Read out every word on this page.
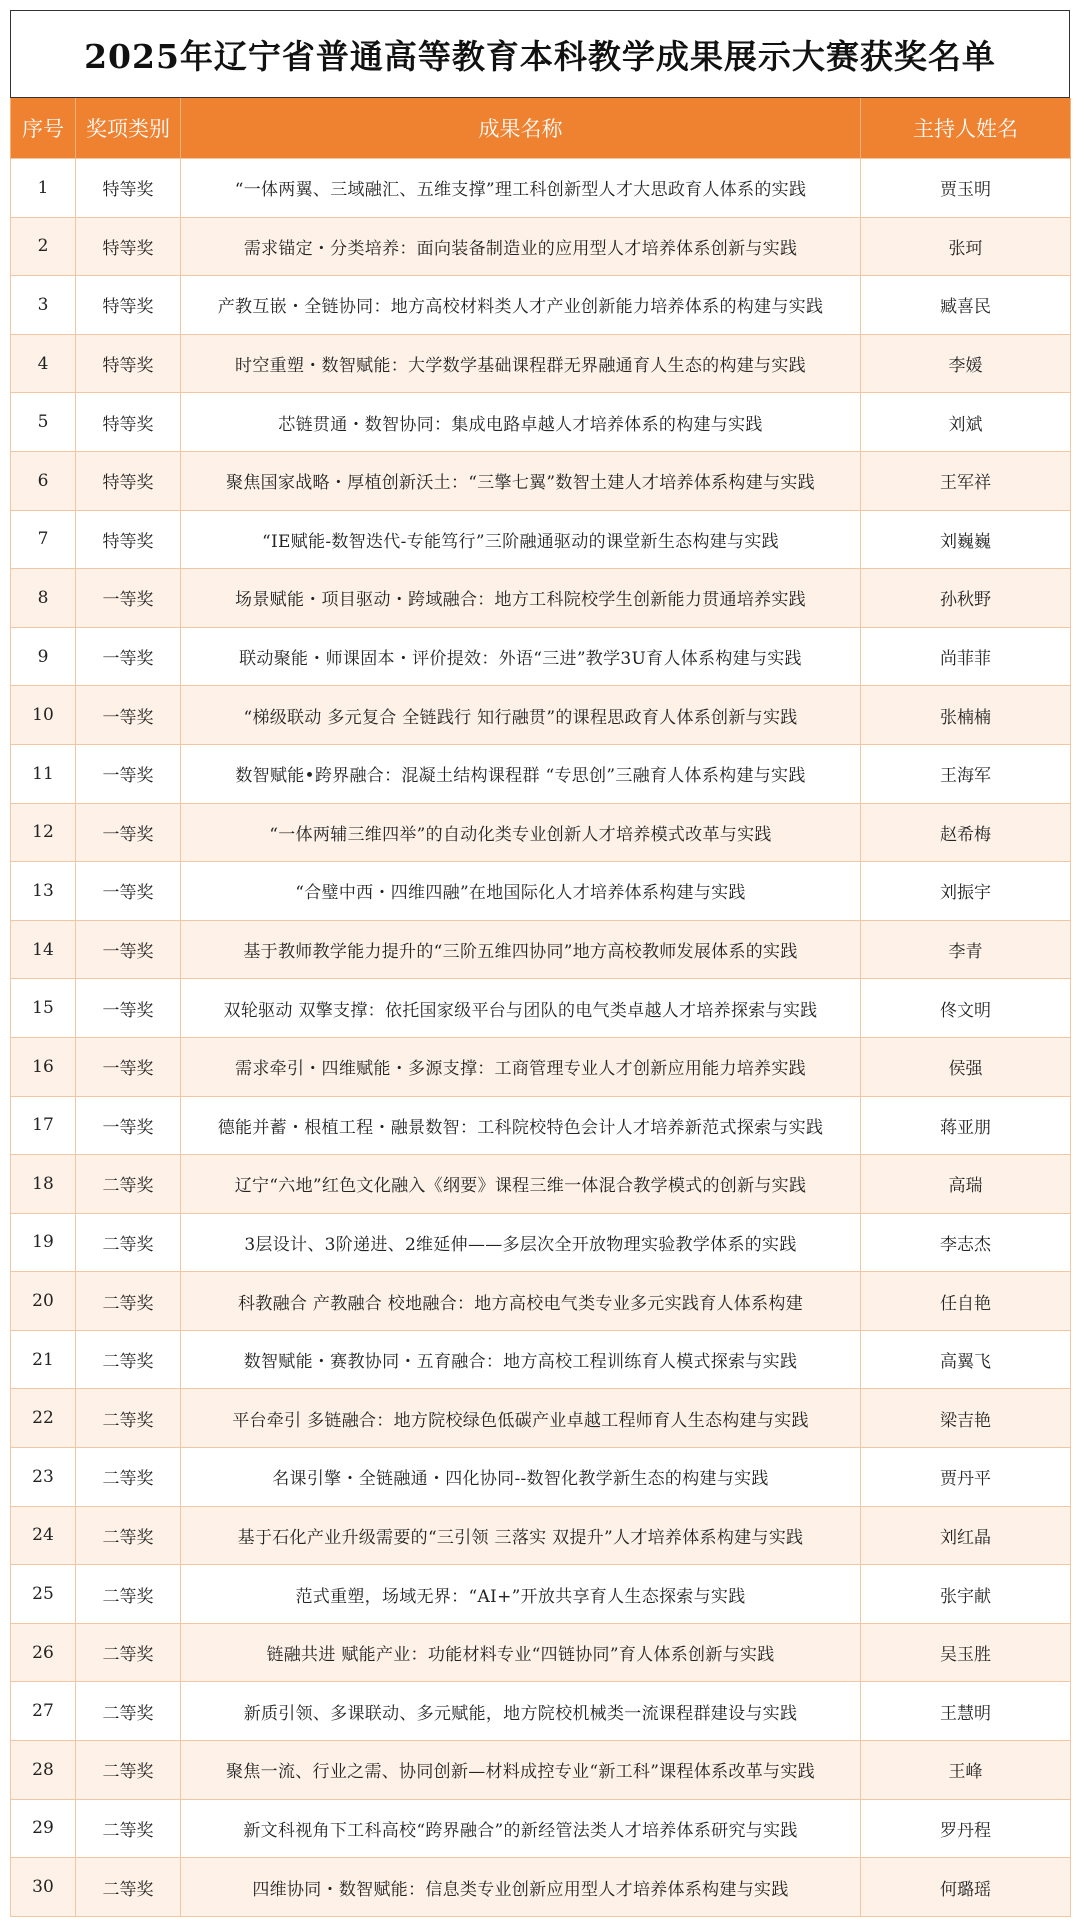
2025年辽宁省普通高等教育本科教学成果展示大赛获奖名单
序号	奖项类别	成果名称	主持人姓名
1	特等奖	“一体两翼、三域融汇、五维支撑”理工科创新型人才大思政育人体系的实践	贾玉明
2	特等奖	需求锚定・分类培养：面向装备制造业的应用型人才培养体系创新与实践	张珂
3	特等奖	产教互嵌・全链协同：地方高校材料类人才产业创新能力培养体系的构建与实践	臧喜民
4	特等奖	时空重塑・数智赋能：大学数学基础课程群无界融通育人生态的构建与实践	李媛
5	特等奖	芯链贯通・数智协同：集成电路卓越人才培养体系的构建与实践	刘斌
6	特等奖	聚焦国家战略・厚植创新沃土：“三擎七翼”数智土建人才培养体系构建与实践	王军祥
7	特等奖	“IE赋能-数智迭代-专能笃行”三阶融通驱动的课堂新生态构建与实践	刘巍巍
8	一等奖	场景赋能・项目驱动・跨域融合：地方工科院校学生创新能力贯通培养实践	孙秋野
9	一等奖	联动聚能・师课固本・评价提效：外语“三进”教学3U育人体系构建与实践	尚菲菲
10	一等奖	“梯级联动 多元复合 全链践行 知行融贯”的课程思政育人体系创新与实践	张楠楠
11	一等奖	数智赋能•跨界融合：混凝土结构课程群 “专思创”三融育人体系构建与实践	王海军
12	一等奖	“一体两辅三维四举”的自动化类专业创新人才培养模式改革与实践	赵希梅
13	一等奖	“合璧中西・四维四融”在地国际化人才培养体系构建与实践	刘振宇
14	一等奖	基于教师教学能力提升的“三阶五维四协同”地方高校教师发展体系的实践	李青
15	一等奖	双轮驱动 双擎支撑：依托国家级平台与团队的电气类卓越人才培养探索与实践	佟文明
16	一等奖	需求牵引・四维赋能・多源支撑：工商管理专业人才创新应用能力培养实践	侯强
17	一等奖	德能并蓄・根植工程・融景数智：工科院校特色会计人才培养新范式探索与实践	蒋亚朋
18	二等奖	辽宁“六地”红色文化融入《纲要》课程三维一体混合教学模式的创新与实践	高瑞
19	二等奖	3层设计、3阶递进、2维延伸——多层次全开放物理实验教学体系的实践	李志杰
20	二等奖	科教融合 产教融合 校地融合：地方高校电气类专业多元实践育人体系构建	任自艳
21	二等奖	数智赋能・赛教协同・五育融合：地方高校工程训练育人模式探索与实践	高翼飞
22	二等奖	平台牵引 多链融合：地方院校绿色低碳产业卓越工程师育人生态构建与实践	梁吉艳
23	二等奖	名课引擎・全链融通・四化协同--数智化教学新生态的构建与实践	贾丹平
24	二等奖	基于石化产业升级需要的“三引领 三落实 双提升”人才培养体系构建与实践	刘红晶
25	二等奖	范式重塑，场域无界：“AI+”开放共享育人生态探索与实践	张宇献
26	二等奖	链融共进 赋能产业：功能材料专业“四链协同”育人体系创新与实践	吴玉胜
27	二等奖	新质引领、多课联动、多元赋能，地方院校机械类一流课程群建设与实践	王慧明
28	二等奖	聚焦一流、行业之需、协同创新—材料成控专业“新工科”课程体系改革与实践	王峰
29	二等奖	新文科视角下工科高校“跨界融合”的新经管法类人才培养体系研究与实践	罗丹程
30	二等奖	四维协同・数智赋能：信息类专业创新应用型人才培养体系构建与实践	何璐瑶
